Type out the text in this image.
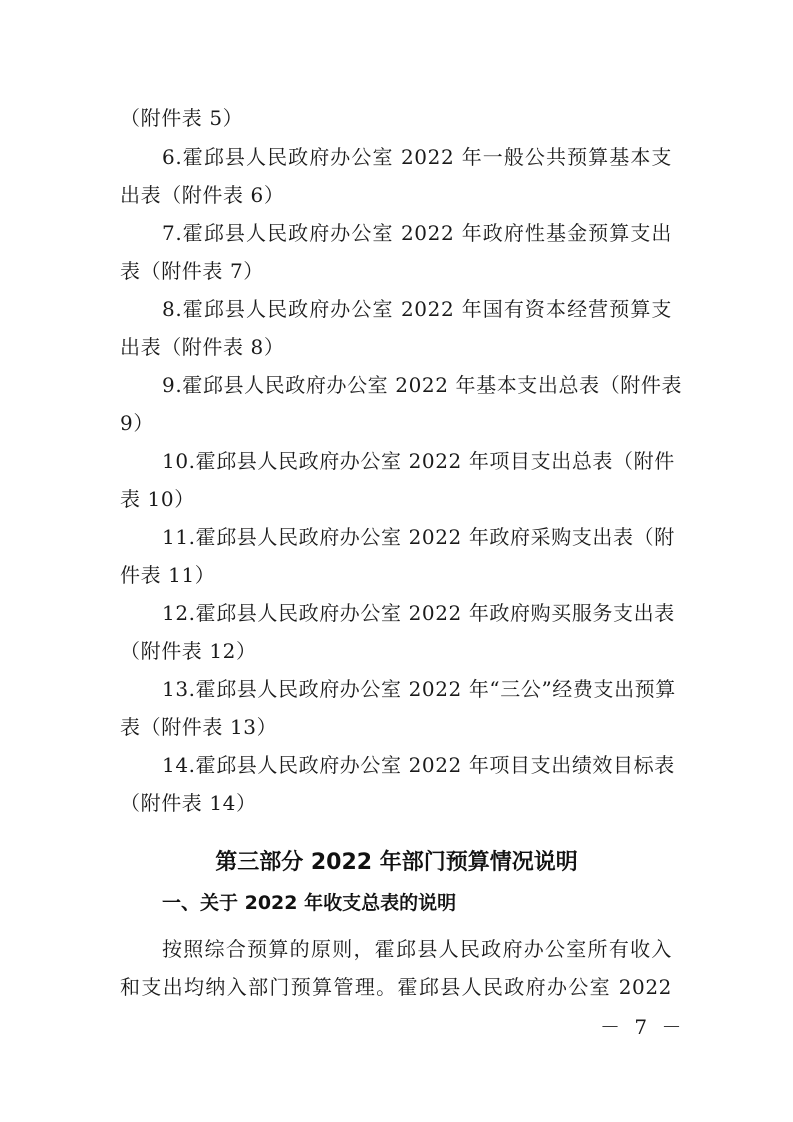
（附件表 5）
6.霍邱县人民政府办公室 2022 年一般公共预算基本支
出表（附件表 6）
7.霍邱县人民政府办公室 2022 年政府性基金预算支出
表（附件表 7）
8.霍邱县人民政府办公室 2022 年国有资本经营预算支
出表（附件表 8）
9.霍邱县人民政府办公室 2022 年基本支出总表（附件表
9）
10.霍邱县人民政府办公室 2022 年项目支出总表（附件
表 10）
11.霍邱县人民政府办公室 2022 年政府采购支出表（附
件表 11）
12.霍邱县人民政府办公室 2022 年政府购买服务支出表
（附件表 12）
13.霍邱县人民政府办公室 2022 年“三公”经费支出预算
表（附件表 13）
14.霍邱县人民政府办公室 2022 年项目支出绩效目标表
（附件表 14）
第三部分 2022 年部门预算情况说明
一、关于 2022 年收支总表的说明
按照综合预算的原则，霍邱县人民政府办公室所有收入
和支出均纳入部门预算管理。霍邱县人民政府办公室 2022
－ 7 －
